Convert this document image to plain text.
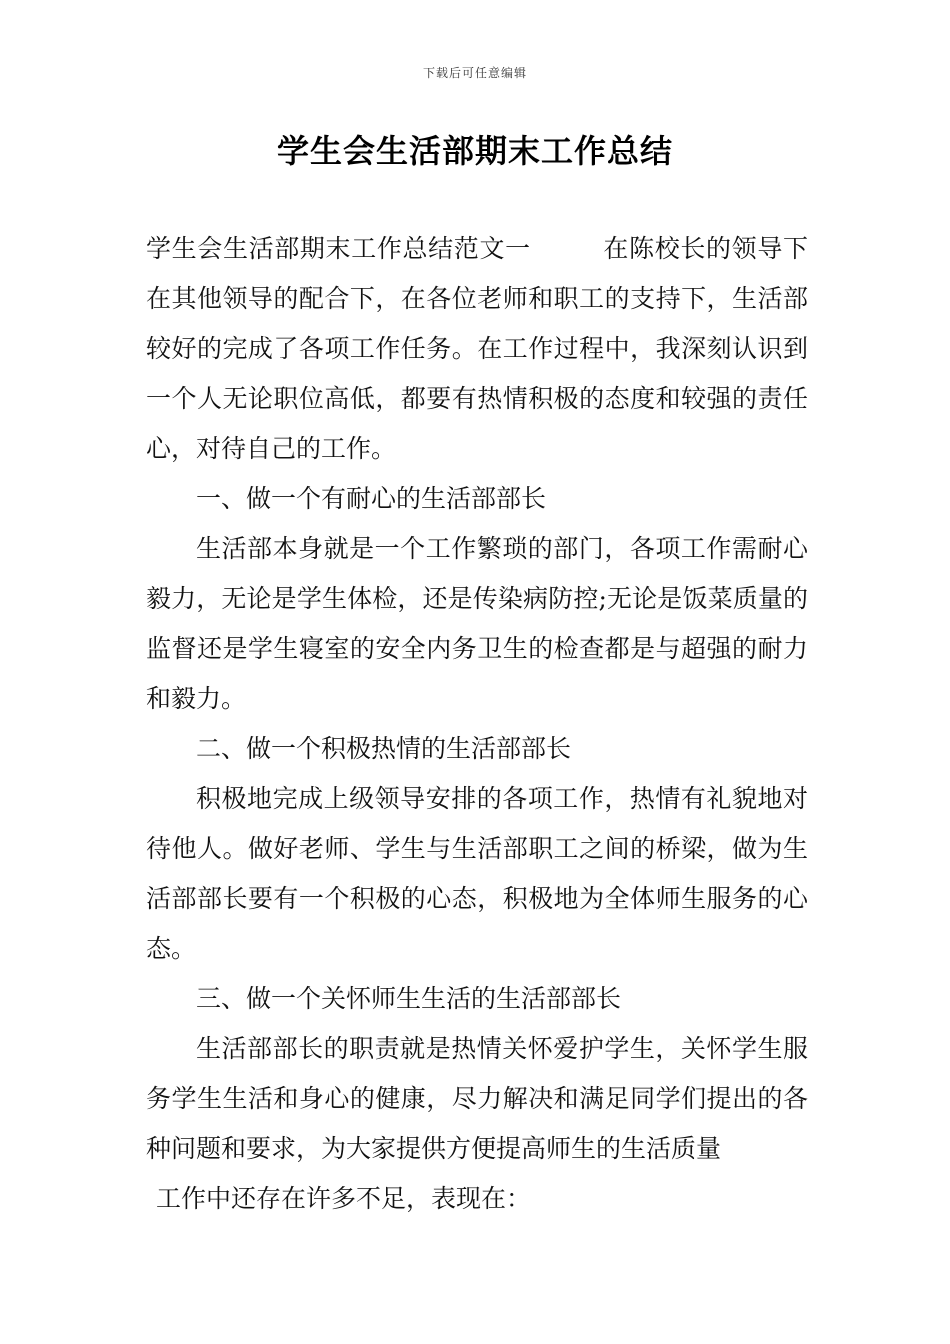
下载后可任意编辑
学生会生活部期末工作总结

学生会生活部期末工作总结范文一	在陈校长的领导下在其他领导的配合下，在各位老师和职工的支持下，生活部较好的完成了各项工作任务。在工作过程中，我深刻认识到一个人无论职位高低，都要有热情积极的态度和较强的责任心，对待自己的工作。

一、做一个有耐心的生活部部长

生活部本身就是一个工作繁琐的部门，各项工作需耐心毅力，无论是学生体检，还是传染病防控;无论是饭菜质量的监督还是学生寝室的安全内务卫生的检查都是与超强的耐力和毅力。

二、做一个积极热情的生活部部长

积极地完成上级领导安排的各项工作，热情有礼貌地对待他人。做好老师、学生与生活部职工之间的桥梁，做为生活部部长要有一个积极的心态，积极地为全体师生服务的心态。

三、做一个关怀师生生活的生活部部长

生活部部长的职责就是热情关怀爱护学生，关怀学生服务学生生活和身心的健康，尽力解决和满足同学们提出的各种问题和要求，为大家提供方便提高师生的生活质量

工作中还存在许多不足，表现在：
